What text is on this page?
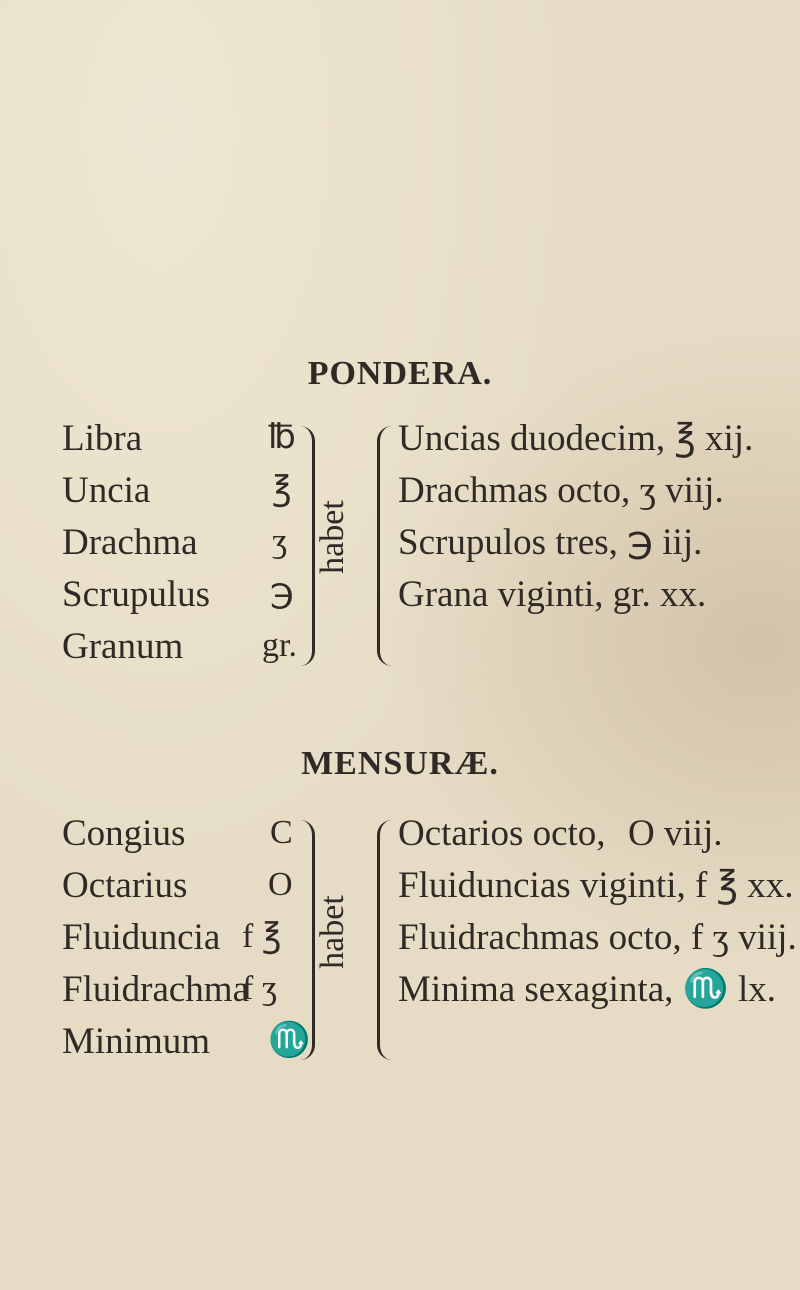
PONDERA.
Libra
Uncia
Drachma
Scrupulus
Granum
℔
℥
ʒ
℈
gr.
habet
Uncias duodecim, ℥ xij.
Drachmas octo, ʒ viij.
Scrupulos tres, ℈ iij.
Grana viginti, gr. xx.
MENSURÆ.
Congius
Octarius
Fluiduncia
Fluidrachma
Minimum
C
O
f ℥
f ʒ
♏
habet
Octarios octo, O viij.
Fluiduncias viginti, f ℥ xx.
Fluidrachmas octo, f ʒ viij.
Minima sexaginta, ♏ lx.
